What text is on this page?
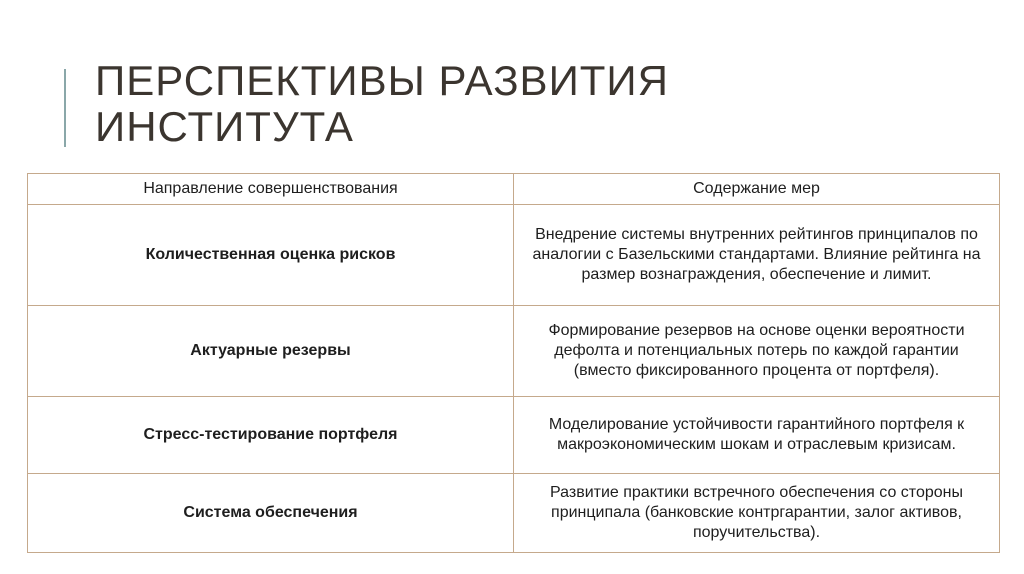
ПЕРСПЕКТИВЫ РАЗВИТИЯ
ИНСТИТУТА
Направление совершенствования	Содержание мер
Количественная оценка рисков	Внедрение системы внутренних рейтингов принципалов по аналогии с Базельскими стандартами. Влияние рейтинга на размер вознаграждения, обеспечение и лимит.
Актуарные резервы	Формирование резервов на основе оценки вероятности дефолта и потенциальных потерь по каждой гарантии (вместо фиксированного процента от портфеля).
Стресс-тестирование портфеля	Моделирование устойчивости гарантийного портфеля к макроэкономическим шокам и отраслевым кризисам.
Система обеспечения	Развитие практики встречного обеспечения со стороны принципала (банковские контргарантии, залог активов, поручительства).
